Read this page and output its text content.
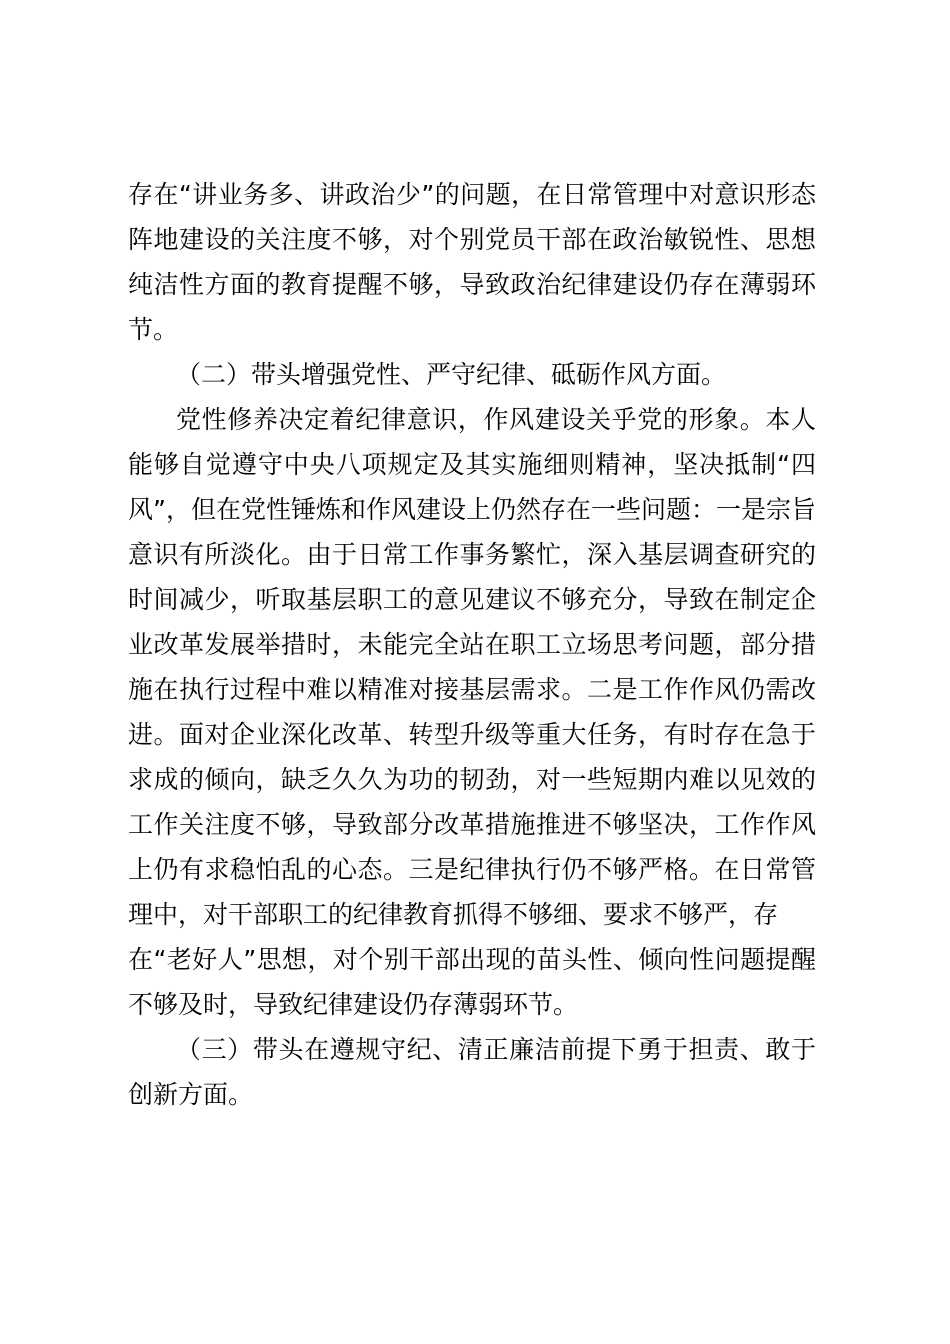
存在“讲业务多、讲政治少”的问题，在日常管理中对意识形态
阵地建设的关注度不够，对个别党员干部在政治敏锐性、思想
纯洁性方面的教育提醒不够，导致政治纪律建设仍存在薄弱环
节。
（二）带头增强党性、严守纪律、砥砺作风方面。
党性修养决定着纪律意识，作风建设关乎党的形象。本人
能够自觉遵守中央八项规定及其实施细则精神，坚决抵制“四
风”，但在党性锤炼和作风建设上仍然存在一些问题：一是宗旨
意识有所淡化。由于日常工作事务繁忙，深入基层调查研究的
时间减少，听取基层职工的意见建议不够充分，导致在制定企
业改革发展举措时，未能完全站在职工立场思考问题，部分措
施在执行过程中难以精准对接基层需求。二是工作作风仍需改
进。面对企业深化改革、转型升级等重大任务，有时存在急于
求成的倾向，缺乏久久为功的韧劲，对一些短期内难以见效的
工作关注度不够，导致部分改革措施推进不够坚决，工作作风
上仍有求稳怕乱的心态。三是纪律执行仍不够严格。在日常管
理中，对干部职工的纪律教育抓得不够细、要求不够严，存
在“老好人”思想，对个别干部出现的苗头性、倾向性问题提醒
不够及时，导致纪律建设仍存薄弱环节。
（三）带头在遵规守纪、清正廉洁前提下勇于担责、敢于
创新方面。
